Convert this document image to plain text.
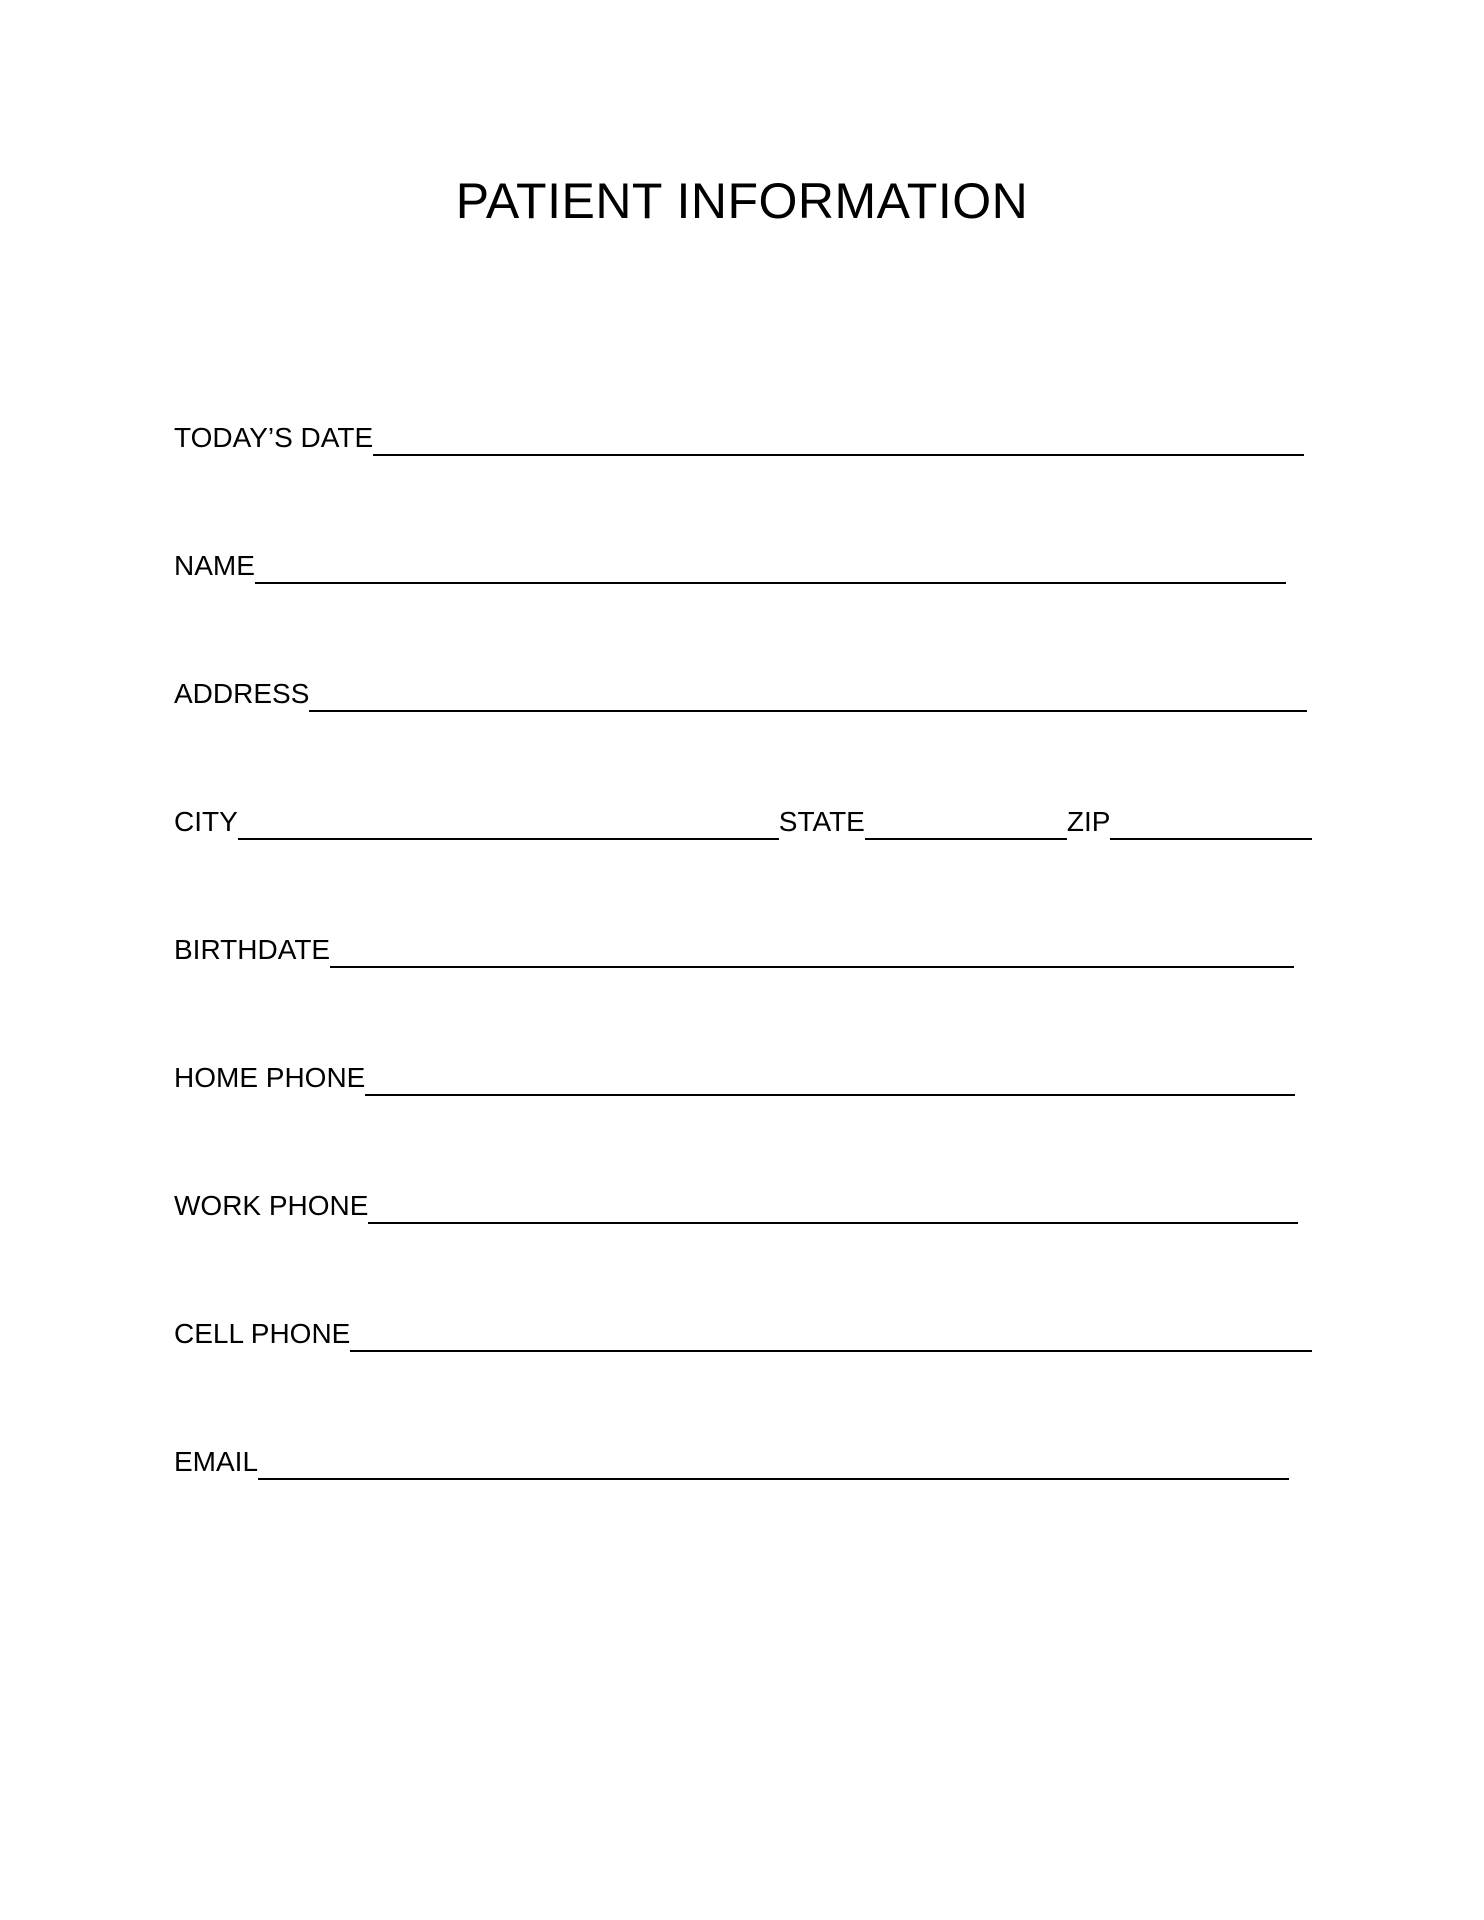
PATIENT INFORMATION
TODAY’S DATE
NAME
ADDRESS
CITY	STATE	ZIP
BIRTHDATE
HOME PHONE
WORK PHONE
CELL PHONE
EMAIL
